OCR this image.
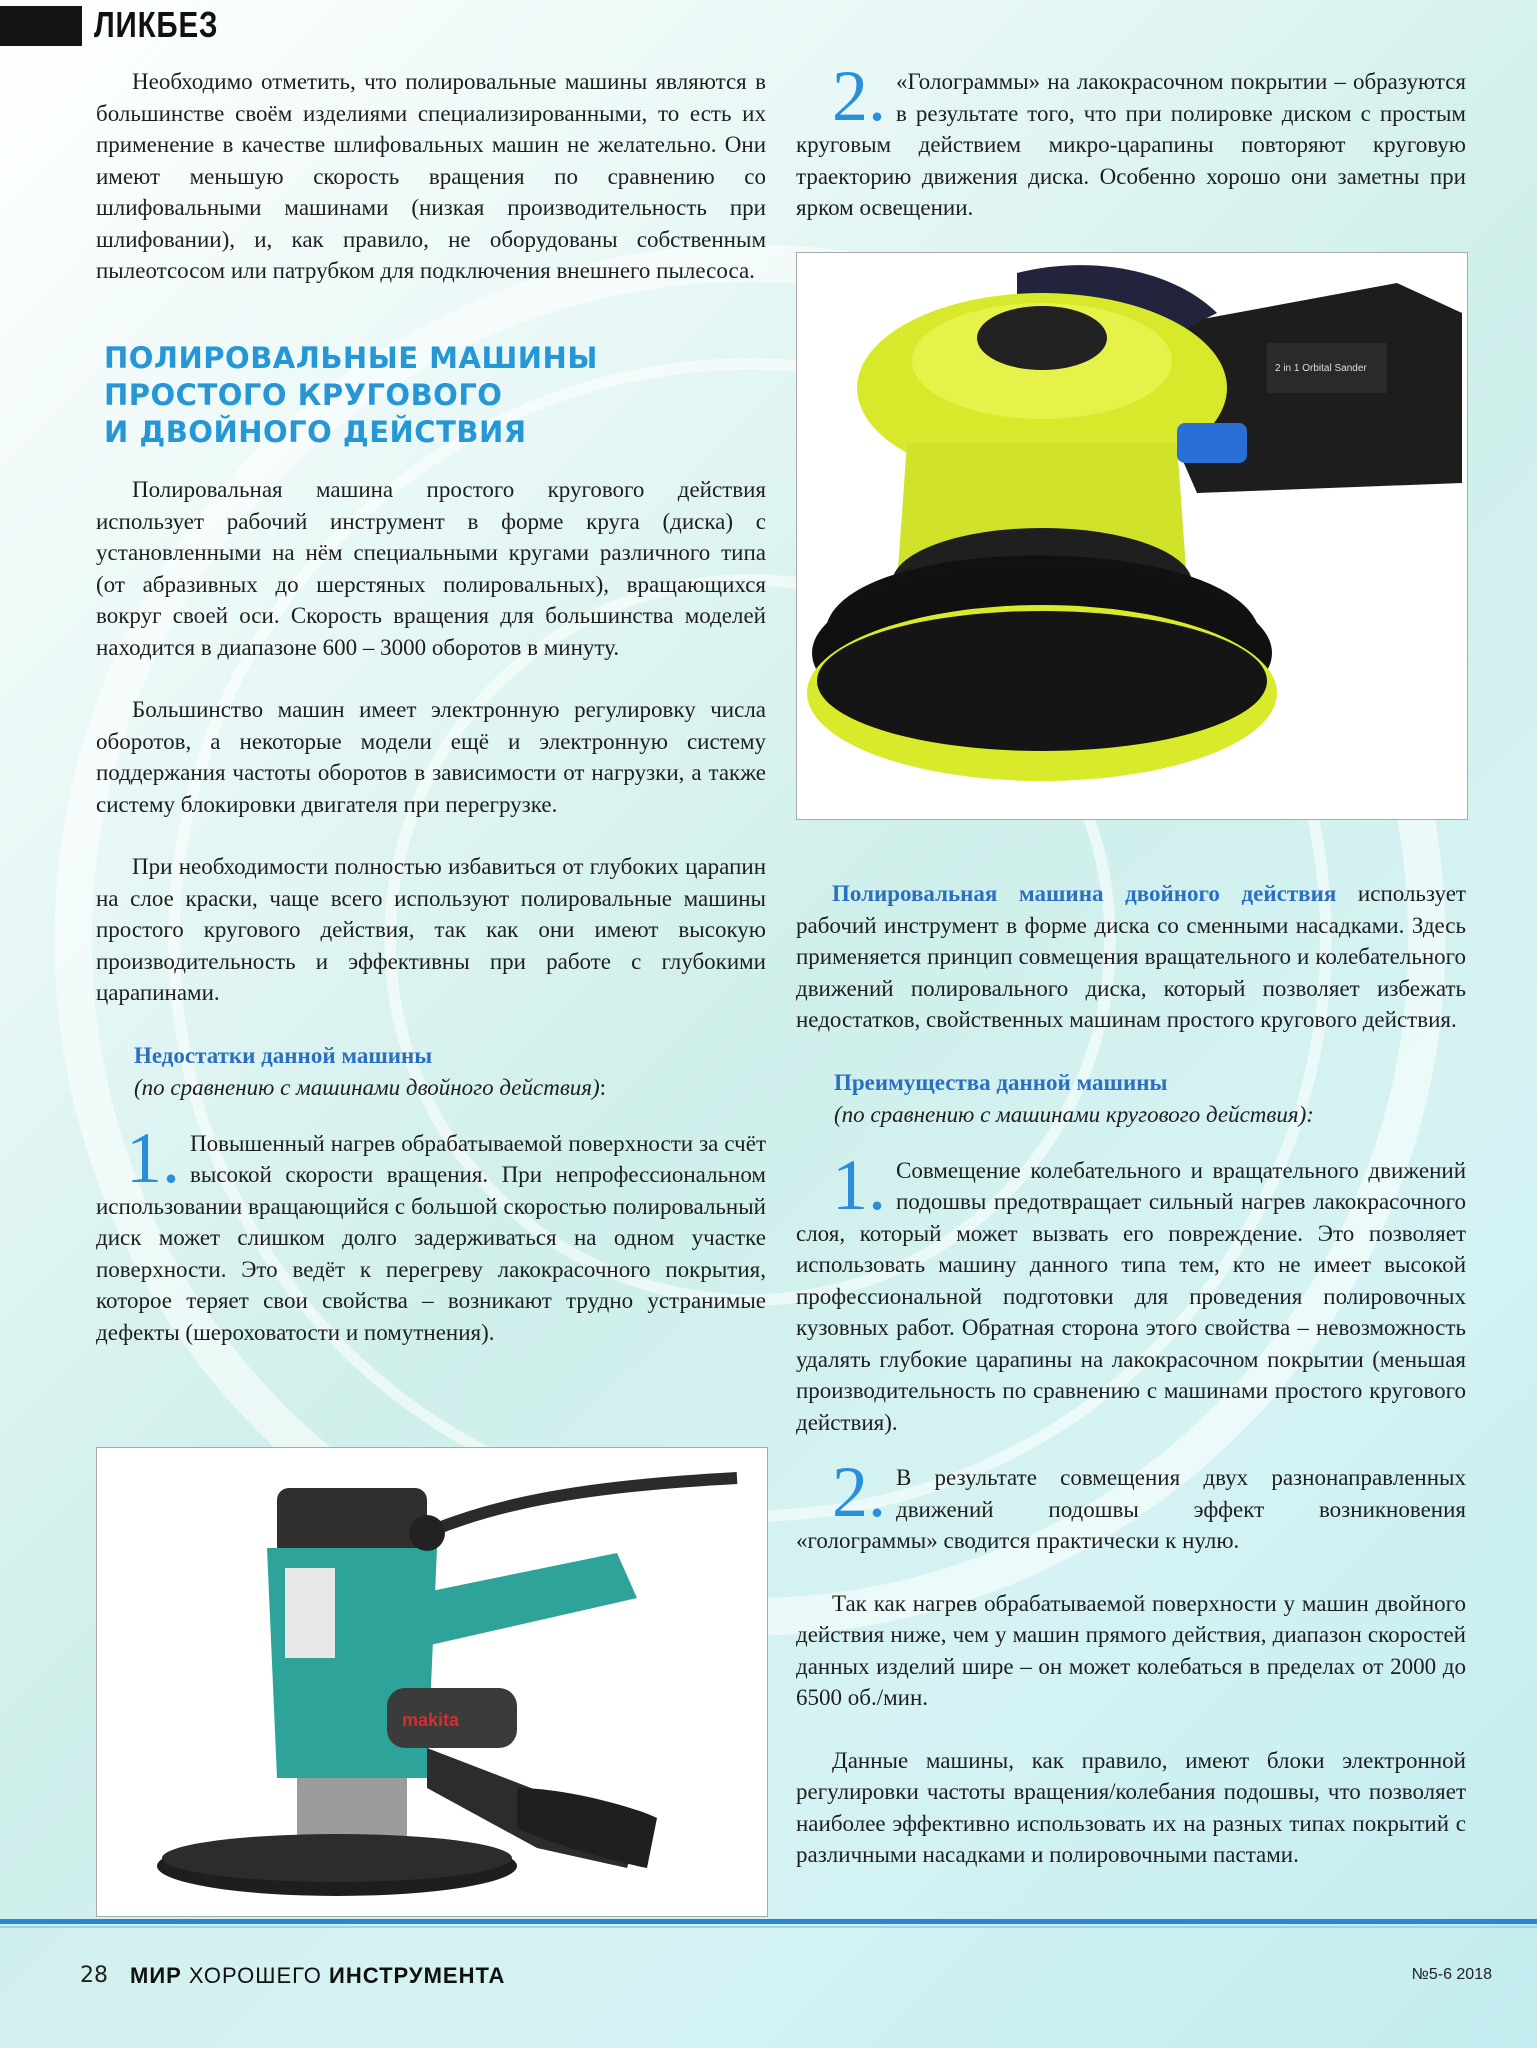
ЛИКБЕЗ

Необходимо отметить, что полировальные машины являются в большинстве своём изделиями специализированными, то есть их применение в качестве шлифовальных машин не желательно. Они имеют меньшую скорость вращения по сравнению со шлифовальными машинами (низкая производительность при шлифовании), и, как правило, не оборудованы собственным пылеотсосом или патрубком для подключения внешнего пылесоса.

ПОЛИРОВАЛЬНЫЕ МАШИНЫ
ПРОСТОГО КРУГОВОГО
И ДВОЙНОГО ДЕЙСТВИЯ

Полировальная машина простого кругового действия использует рабочий инструмент в форме круга (диска) с установленными на нём специальными кругами различного типа (от абразивных до шерстяных полировальных), вращающихся вокруг своей оси. Скорость вращения для большинства моделей находится в диапазоне 600 – 3000 оборотов в минуту.

Большинство машин имеет электронную регулировку числа оборотов, а некоторые модели ещё и электронную систему поддержания частоты оборотов в зависимости от нагрузки, а также систему блокировки двигателя при перегрузке.

При необходимости полностью избавиться от глубоких царапин на слое краски, чаще всего используют полировальные машины простого кругового действия, так как они имеют высокую производительность и эффективны при работе с глубокими царапинами.

Недостатки данной машины
(по сравнению с машинами двойного действия):

1. Повышенный нагрев обрабатываемой поверхности за счёт высокой скорости вращения. При непрофессиональном использовании вращающийся с большой скоростью полировальный диск может слишком долго задерживаться на одном участке поверхности. Это ведёт к перегреву лакокрасочного покрытия, которое теряет свои свойства – возникают трудно устранимые дефекты (шероховатости и помутнения).

makita

2. «Голограммы» на лакокрасочном покрытии – образуются в результате того, что при полировке диском с простым круговым действием микро-царапины повторяют круговую траекторию движения диска. Особенно хорошо они заметны при ярком освещении.

2 in 1 Orbital Sander

Полировальная машина двойного действия использует рабочий инструмент в форме диска со сменными насадками. Здесь применяется принцип совмещения вращательного и колебательного движений полировального диска, который позволяет избежать недостатков, свойственных машинам простого кругового действия.

Преимущества данной машины
(по сравнению с машинами кругового действия):

1. Совмещение колебательного и вращательного движений подошвы предотвращает сильный нагрев лакокрасочного слоя, который может вызвать его повреждение. Это позволяет использовать машину данного типа тем, кто не имеет высокой профессиональной подготовки для проведения полировочных кузовных работ. Обратная сторона этого свойства – невозможность удалять глубокие царапины на лакокрасочном покрытии (меньшая производительность по сравнению с машинами простого кругового действия).

2. В результате совмещения двух разнонаправленных движений подошвы эффект возникновения «голограммы» сводится практически к нулю.

Так как нагрев обрабатываемой поверхности у машин двойного действия ниже, чем у машин прямого действия, диапазон скоростей данных изделий шире – он может колебаться в пределах от 2000 до 6500 об./мин.

Данные машины, как правило, имеют блоки электронной регулировки частоты вращения/колебания подошвы, что позволяет наиболее эффективно использовать их на разных типах покрытий с различными насадками и полировочными пастами.

28 МИР ХОРОШЕГО ИНСТРУМЕНТА	№5-6 2018
